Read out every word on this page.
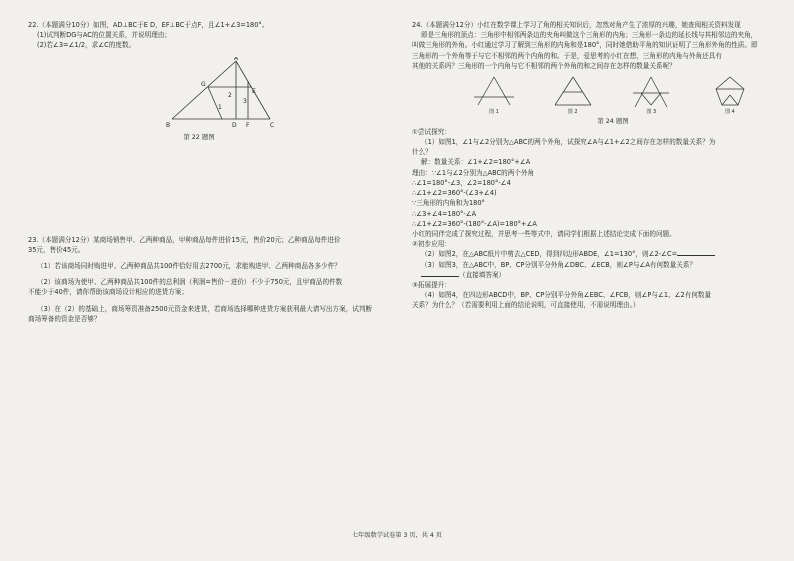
22.（本题满分10分）如图，AD⊥BC于E D，EF⊥BC于点F，且∠1+∠3=180°。

(1)试判断DG与AC的位置关系，并说明理由；

(2)若∠3=∠1/2，求∠C的度数。

A
B	C
D
E
F
G
1
2
3

第 22 题图

23.（本题满分12分）某商场销售甲、乙两种商品，甲种商品每件进价15元，售价20元；乙种商品每件进价

35元，售价45元。

（1）若该商场同时购进甲、乙两种商品共100件恰好用去2700元，求能购进甲、乙两种商品各多少件？

（2）该商场为使甲、乙两种商品共100件的总利润（利润=售价－进价）不少于750元，且甲商品的件数

不能少于40件，请你帮助该商场设计相应的进货方案；

（3）在（2）的基础上，商场筹资准备2500元资金来进货，若商场选择哪种进货方案获利最大请写出方案，试判断

商场筹备的资金是否够？

24.（本题满分12分）小红在数学课上学习了角的相关知识后，忽然对角产生了浓厚的兴趣，她查阅相关资料发现

即是三角形的顶点：三角形中相邻两条边的夹角叫做这个三角形的内角；三角形一条边的延长线与其相邻边的夹角，

叫做三角形的外角。小红通过学习了解到三角形的内角和是180°，同时她借助平角的知识证明了三角形外角的性质。即

三角形的一个外角等于与它不相邻的两个内角的和。于是，爱思考的小红在想，三角形的内角与外角还具有

其他的关系吗？三角形的一个内角与它不相邻的两个外角的和之间存在怎样的数量关系呢？

图 1	图 2	图 3	图 4

第 24 题图

①尝试探究：

（1）如图1，∠1与∠2分别为△ABC的两个外角，试探究∠A与∠1+∠2之间存在怎样的数量关系？为

什么？

解：数量关系：∠1+∠2=180°+∠A

理由：∵∠1与∠2分别为△ABC的两个外角

∴∠1=180°-∠3，∠2=180°-∠4

∴∠1+∠2=360°-(∠3+∠4)

∵三角形的内角和为180°

∴∠3+∠4=180°-∠A

∴∠1+∠2=360°-(180°-∠A)=180°+∠A

小红的同伴完成了探究过程，并思考一些等式中，请同学们根据上述结论完成下面的问题。

②初步应用：

（2）如图2，在△ABC纸片中剪去△CED，得到四边形ABDE，∠1=130°，则∠2-∠C=

（3）如图3，在△ABC中，BP、CP分别平分外角∠DBC、∠ECB，则∠P与∠A有何数量关系？

（直接填答案）

③拓展提升：

（4）如图4，在四边形ABCD中，BP、CP分别平分外角∠EBC、∠FCB，则∠P与∠1、∠2有何数量

关系？为什么？（若需要利用上面的结论说明，可直接使用，不需说明理由。）

七年级数学试卷第 3 页，共 4 页
